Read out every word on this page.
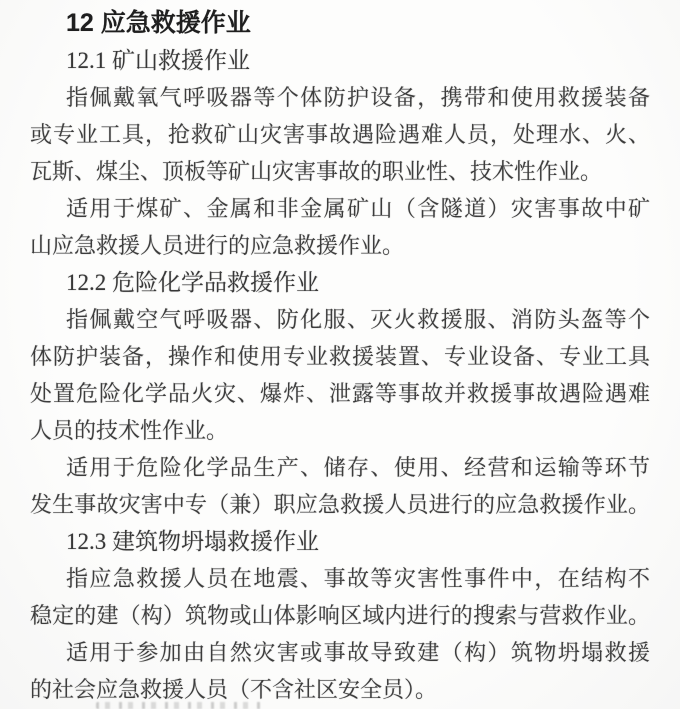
12 应急救援作业
12.1 矿山救援作业
指佩戴氧气呼吸器等个体防护设备，携带和使用救援装备
或专业工具，抢救矿山灾害事故遇险遇难人员，处理水、火、
瓦斯、煤尘、顶板等矿山灾害事故的职业性、技术性作业。
适用于煤矿、金属和非金属矿山（含隧道）灾害事故中矿
山应急救援人员进行的应急救援作业。
12.2 危险化学品救援作业
指佩戴空气呼吸器、防化服、灭火救援服、消防头盔等个
体防护装备，操作和使用专业救援装置、专业设备、专业工具
处置危险化学品火灾、爆炸、泄露等事故并救援事故遇险遇难
人员的技术性作业。
适用于危险化学品生产、储存、使用、经营和运输等环节
发生事故灾害中专（兼）职应急救援人员进行的应急救援作业。
12.3 建筑物坍塌救援作业
指应急救援人员在地震、事故等灾害性事件中，在结构不
稳定的建（构）筑物或山体影响区域内进行的搜索与营救作业。
适用于参加由自然灾害或事故导致建（构）筑物坍塌救援
的社会应急救援人员（不含社区安全员）。
